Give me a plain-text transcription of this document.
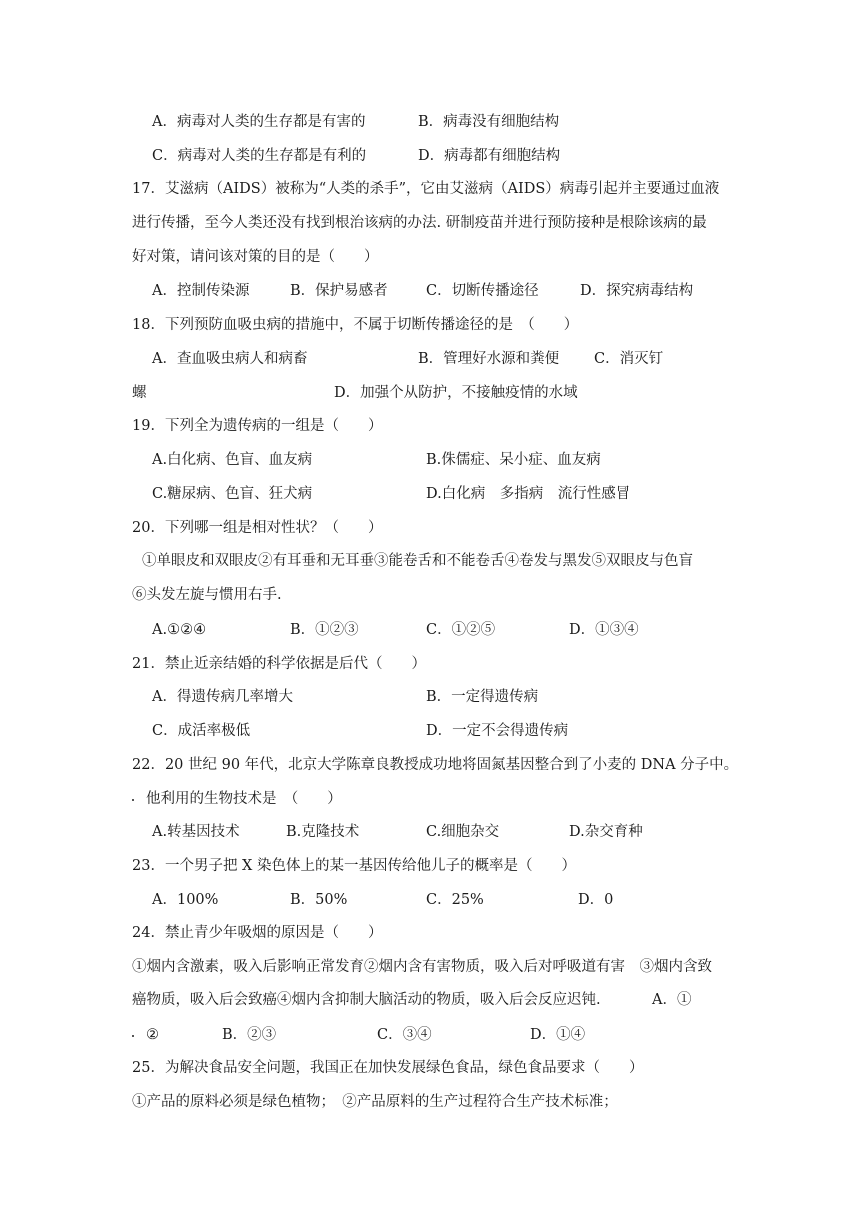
A．病毒对人类的生存都是有害的	B．病毒没有细胞结构
C．病毒对人类的生存都是有利的	D．病毒都有细胞结构
17．艾滋病（AIDS）被称为“人类的杀手”，它由艾滋病（AIDS）病毒引起并主要通过血液
进行传播，至今人类还没有找到根治该病的办法. 研制疫苗并进行预防接种是根除该病的最
好对策，请问该对策的目的是（　　）
A．控制传染源	B．保护易感者	C．切断传播途径	D．探究病毒结构
18．下列预防血吸虫病的措施中，不属于切断传播途径的是　（　　）
A．查血吸虫病人和病畜	B．管理好水源和粪便 C．消灭钉
螺	D．加强个从防护，不接触疫情的水域
19．下列全为遗传病的一组是（　　）
A.白化病、色盲、血友病	B.侏儒症、呆小症、血友病
C.糖尿病、色盲、狂犬病	D.白化病　多指病　流行性感冒
20．下列哪一组是相对性状？（　　）
①单眼皮和双眼皮②有耳垂和无耳垂③能卷舌和不能卷舌④卷发与黑发⑤双眼皮与色盲
⑥头发左旋与惯用右手.
A.①②④	B．①②③	C．①②⑤	D．①③④
21．禁止近亲结婚的科学依据是后代（　　）
A．得遗传病几率增大	B．一定得遗传病
C．成活率极低	D．一定不会得遗传病
22．20 世纪 90 年代，北京大学陈章良教授成功地将固氮基因整合到了小麦的 DNA 分子中。
他利用的生物技术是　（　　）
A.转基因技术	B.克隆技术	C.细胞杂交	D.杂交育种
23．一个男子把 X 染色体上的某一基因传给他儿子的概率是（　　）
A．100%	B．50%	C．25%	D．0
24．禁止青少年吸烟的原因是（　　）
①烟内含激素，吸入后影响正常发育②烟内含有害物质，吸入后对呼吸道有害　③烟内含致
癌物质，吸入后会致癌④烟内含抑制大脑活动的物质，吸入后会反应迟钝.	A．①
②	B．②③	C．③④	D．①④
25．为解决食品安全问题，我国正在加快发展绿色食品，绿色食品要求（　　）
①产品的原料必须是绿色植物；　②产品原料的生产过程符合生产技术标准；
